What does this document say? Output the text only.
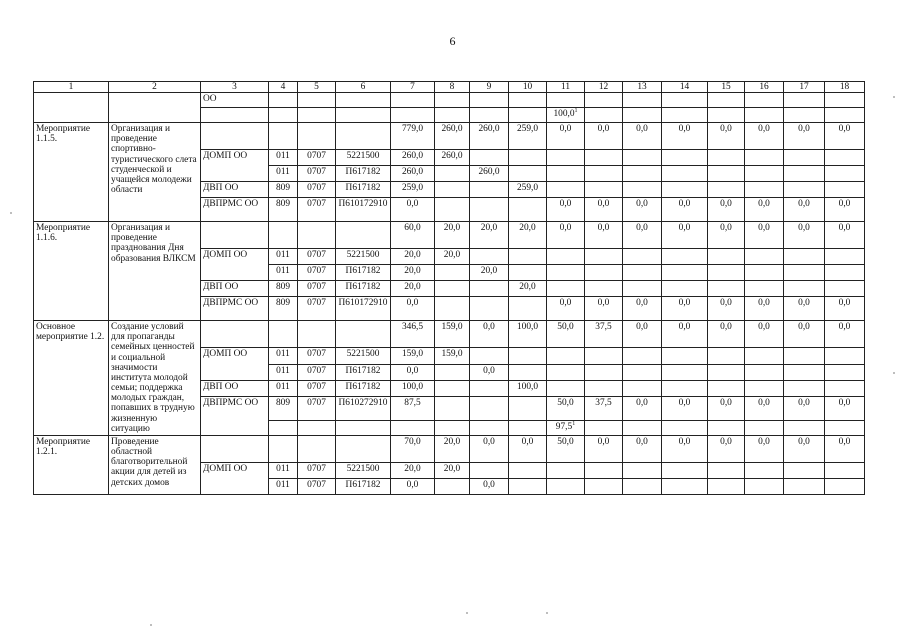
6
1	2	3	4	5	6	7	8	9	10	11	12	13	14	15	16	17	18
		ОО															
										100,0$^1$							
Мероприятие 1.1.5.	Организация и проведение спортивно-туристического слета студенческой и учащейся молодежи области					779,0	260,0	260,0	259,0	0,0	0,0	0,0	0,0	0,0	0,0	0,0	0,0
		ДОМП ОО	011	0707	5221500	260,0	260,0										
			011	0707	П617182	260,0		260,0									
		ДВП ОО	809	0707	П617182	259,0			259,0								
		ДВПРМС ОО	809	0707	П610172910	0,0				0,0	0,0	0,0	0,0	0,0	0,0	0,0	0,0
Мероприятие 1.1.6.	Организация и проведение празднования Дня образования ВЛКСМ					60,0	20,0	20,0	20,0	0,0	0,0	0,0	0,0	0,0	0,0	0,0	0,0
		ДОМП ОО	011	0707	5221500	20,0	20,0										
			011	0707	П617182	20,0		20,0									
		ДВП ОО	809	0707	П617182	20,0			20,0								
		ДВПРМС ОО	809	0707	П610172910	0,0				0,0	0,0	0,0	0,0	0,0	0,0	0,0	0,0
Основное мероприятие 1.2.	Создание условий для пропаганды семейных ценностей и социальной значимости института молодой семьи; поддержка молодых граждан, попавших в трудную жизненную ситуацию					346,5	159,0	0,0	100,0	50,0	37,5	0,0	0,0	0,0	0,0	0,0	0,0
		ДОМП ОО	011	0707	5221500	159,0	159,0										
			011	0707	П617182	0,0		0,0									
		ДВП ОО	011	0707	П617182	100,0			100,0								
		ДВПРМС ОО	809	0707	П610272910	87,5				50,0	37,5	0,0	0,0	0,0	0,0	0,0	0,0
										97,5$^1$							
Мероприятие 1.2.1.	Проведение областной благотворительной акции для детей из детских домов					70,0	20,0	0,0	0,0	50,0	0,0	0,0	0,0	0,0	0,0	0,0	0,0
		ДОМП ОО	011	0707	5221500	20,0	20,0										
			011	0707	П617182	0,0		0,0									
